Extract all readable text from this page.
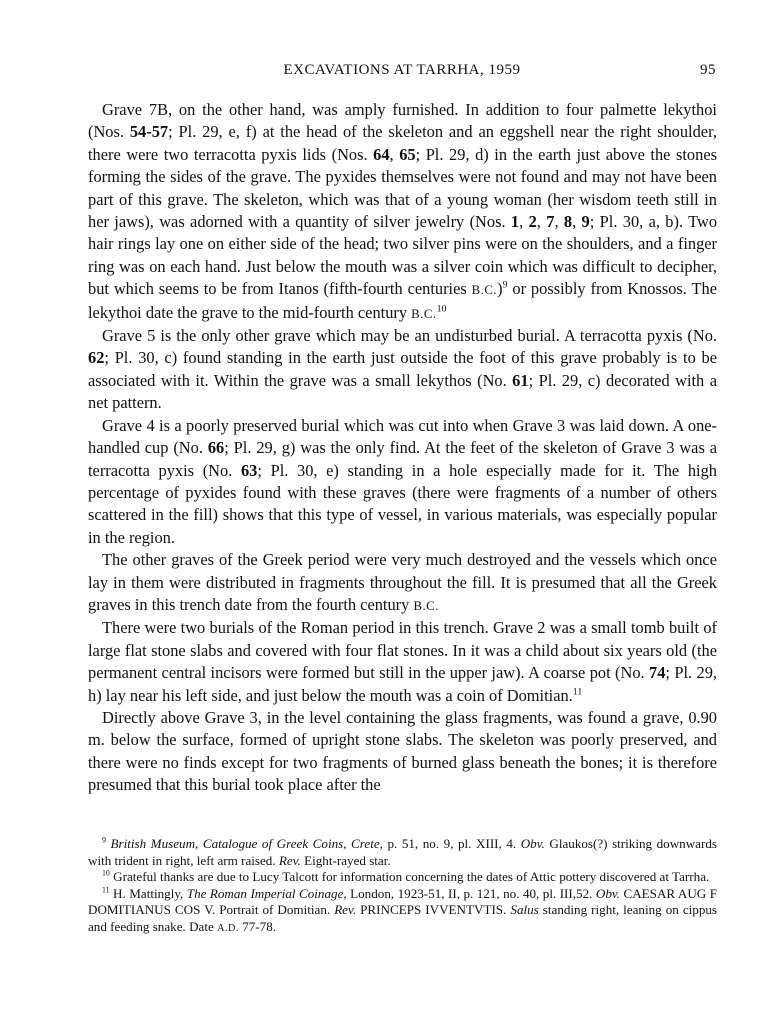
EXCAVATIONS AT TARRHA, 1959	95

Grave 7B, on the other hand, was amply furnished. In addition to four palmette lekythoi (Nos. 54-57; Pl. 29, e, f) at the head of the skeleton and an eggshell near the right shoulder, there were two terracotta pyxis lids (Nos. 64, 65; Pl. 29, d) in the earth just above the stones forming the sides of the grave. The pyxides themselves were not found and may not have been part of this grave. The skeleton, which was that of a young woman (her wisdom teeth still in her jaws), was adorned with a quantity of silver jewelry (Nos. 1, 2, 7, 8, 9; Pl. 30, a, b). Two hair rings lay one on either side of the head; two silver pins were on the shoulders, and a finger ring was on each hand. Just below the mouth was a silver coin which was difficult to decipher, but which seems to be from Itanos (fifth-fourth centuries B.C.)$^9$ or possibly from Knossos. The lekythoi date the grave to the mid-fourth century B.C.$^{10}$

Grave 5 is the only other grave which may be an undisturbed burial. A terracotta pyxis (No. 62; Pl. 30, c) found standing in the earth just outside the foot of this grave probably is to be associated with it. Within the grave was a small lekythos (No. 61; Pl. 29, c) decorated with a net pattern.

Grave 4 is a poorly preserved burial which was cut into when Grave 3 was laid down. A one-handled cup (No. 66; Pl. 29, g) was the only find. At the feet of the skeleton of Grave 3 was a terracotta pyxis (No. 63; Pl. 30, e) standing in a hole especially made for it. The high percentage of pyxides found with these graves (there were fragments of a number of others scattered in the fill) shows that this type of vessel, in various materials, was especially popular in the region.

The other graves of the Greek period were very much destroyed and the vessels which once lay in them were distributed in fragments throughout the fill. It is presumed that all the Greek graves in this trench date from the fourth century B.C.

There were two burials of the Roman period in this trench. Grave 2 was a small tomb built of large flat stone slabs and covered with four flat stones. In it was a child about six years old (the permanent central incisors were formed but still in the upper jaw). A coarse pot (No. 74; Pl. 29, h) lay near his left side, and just below the mouth was a coin of Domitian.$^{11}$

Directly above Grave 3, in the level containing the glass fragments, was found a grave, 0.90 m. below the surface, formed of upright stone slabs. The skeleton was poorly preserved, and there were no finds except for two fragments of burned glass beneath the bones; it is therefore presumed that this burial took place after the

$^9$ British Museum, Catalogue of Greek Coins, Crete, p. 51, no. 9, pl. XIII, 4. Obv. Glaukos(?) striking downwards with trident in right, left arm raised. Rev. Eight-rayed star.

$^{10}$ Grateful thanks are due to Lucy Talcott for information concerning the dates of Attic pottery discovered at Tarrha.

$^{11}$ H. Mattingly, The Roman Imperial Coinage, London, 1923-51, II, p. 121, no. 40, pl. III,52. Obv. CAESAR AUG F DOMITIANUS COS V. Portrait of Domitian. Rev. PRINCEPS IVVENTVTIS. Salus standing right, leaning on cippus and feeding snake. Date A.D. 77-78.
